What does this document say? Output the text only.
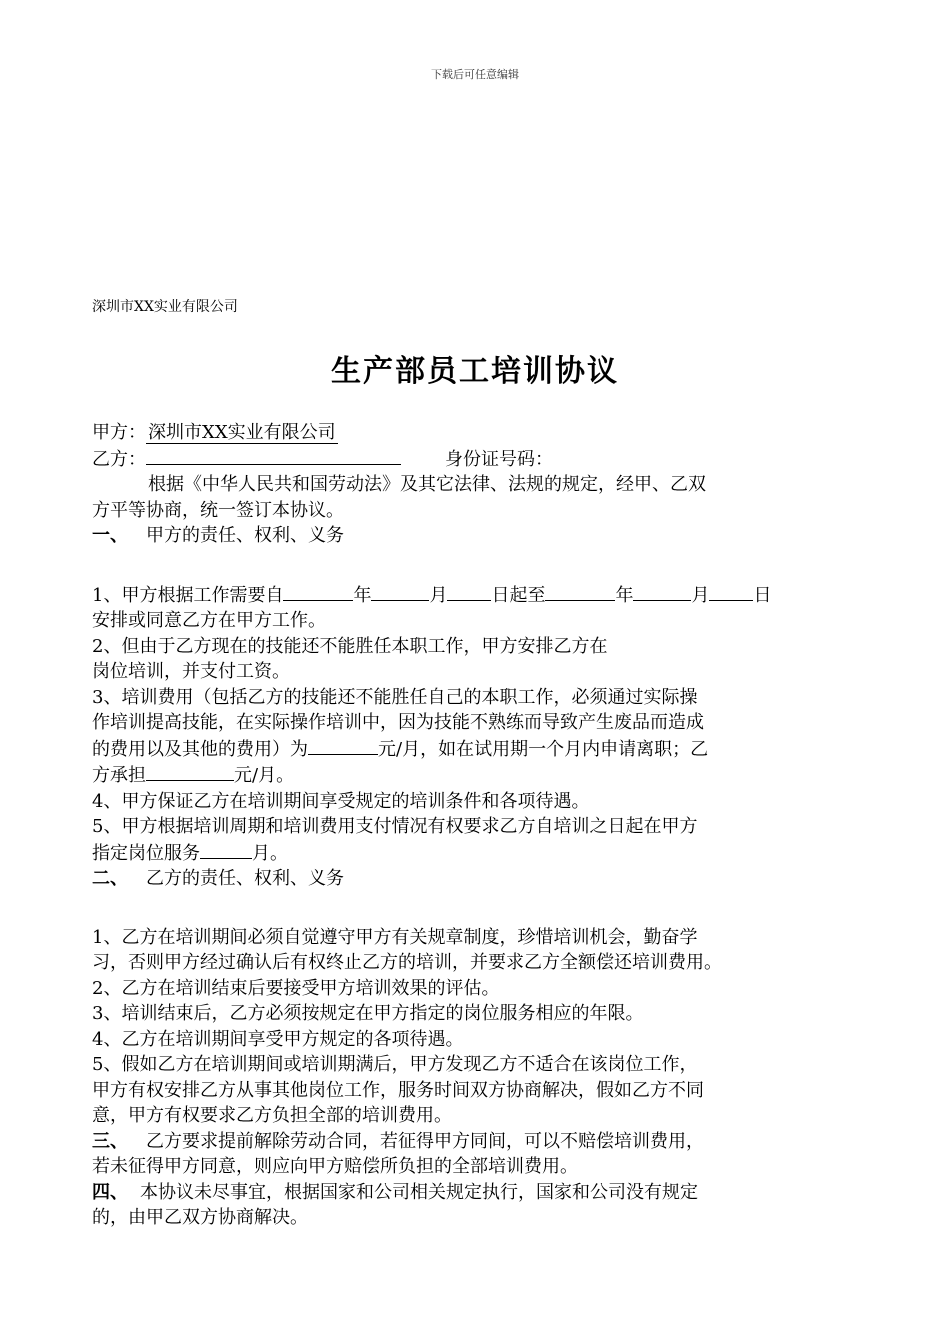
下载后可任意编辑
深圳市XX实业有限公司
生产部员工培训协议

甲方： 深圳市XX实业有限公司

乙方：	身份证号码：

根据《中华人民共和国劳动法》及其它法律、法规的规定，经甲、乙双

方平等协商，统一签订本协议。

一、 甲方的责任、权利、义务

1、甲方根据工作需要自	年	月 日起至	年	月 日

安排或同意乙方在甲方工作。

2、但由于乙方现在的技能还不能胜任本职工作，甲方安排乙方在

岗位培训，并支付工资。

3、培训费用（包括乙方的技能还不能胜任自己的本职工作，必须通过实际操

作培训提高技能，在实际操作培训中，因为技能不熟练而导致产生废品而造成

的费用以及其他的费用）为	元/月，如在试用期一个月内申请离职；乙

方承担	元/月。

4、甲方保证乙方在培训期间享受规定的培训条件和各项待遇。

5、甲方根据培训周期和培训费用支付情况有权要求乙方自培训之日起在甲方

指定岗位服务	月。

二、 乙方的责任、权利、义务

1、乙方在培训期间必须自觉遵守甲方有关规章制度，珍惜培训机会，勤奋学

习，否则甲方经过确认后有权终止乙方的培训，并要求乙方全额偿还培训费用。

2、乙方在培训结束后要接受甲方培训效果的评估。

3、培训结束后，乙方必须按规定在甲方指定的岗位服务相应的年限。

4、乙方在培训期间享受甲方规定的各项待遇。

5、假如乙方在培训期间或培训期满后，甲方发现乙方不适合在该岗位工作，

甲方有权安排乙方从事其他岗位工作，服务时间双方协商解决，假如乙方不同

意，甲方有权要求乙方负担全部的培训费用。

三、 乙方要求提前解除劳动合同，若征得甲方同间，可以不赔偿培训费用，

若未征得甲方同意，则应向甲方赔偿所负担的全部培训费用。

四、 本协议未尽事宜，根据国家和公司相关规定执行，国家和公司没有规定

的，由甲乙双方协商解决。
